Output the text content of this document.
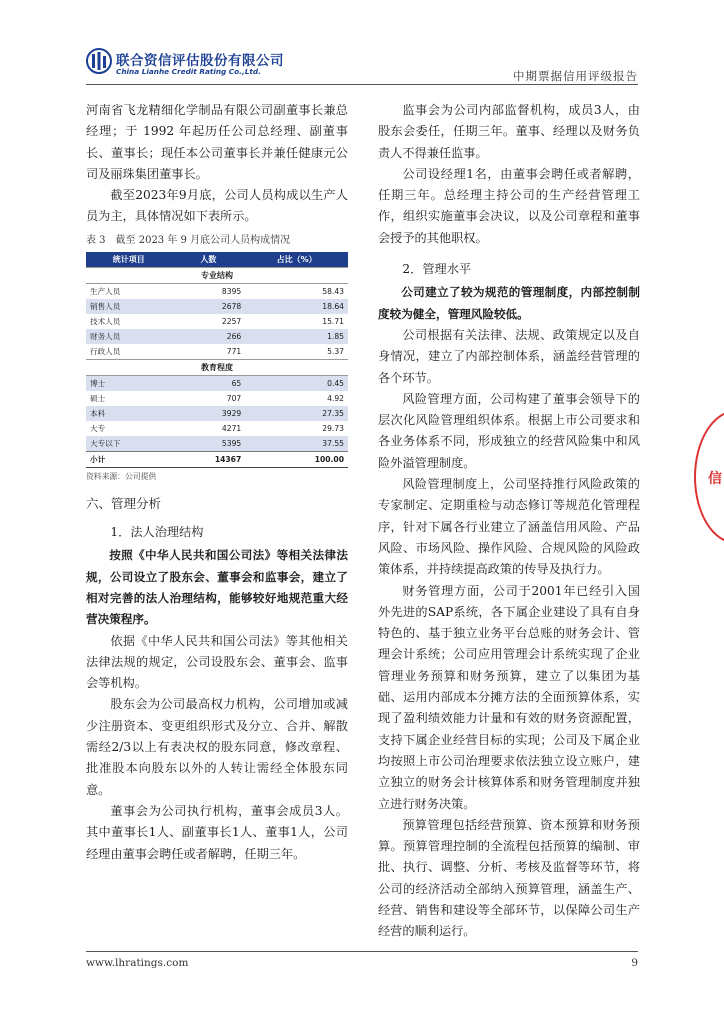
联合资信评估股份有限公司
China Lianhe Credit Rating Co.,Ltd.	中期票据信用评级报告

河南省飞龙精细化学制品有限公司副董事长兼总经理；于 1992 年起历任公司总经理、副董事长、董事长；现任本公司董事长并兼任健康元公司及丽珠集团董事长。

截至2023年9月底，公司人员构成以生产人员为主，具体情况如下表所示。

表 3　截至 2023 年 9 月底公司人员构成情况

统计项目	人数	占比（%）
专业结构		
生产人员	8395	58.43
销售人员	2678	18.64
技术人员	2257	15.71
财务人员	266	1.85
行政人员	771	5.37
教育程度		
博士	65	0.45
硕士	707	4.92
本科	3929	27.35
大专	4271	29.73
大专以下	5395	37.55
小计	14367	100.00

资料来源：公司提供

六、管理分析

1．法人治理结构

按照《中华人民共和国公司法》等相关法律法规，公司设立了股东会、董事会和监事会，建立了相对完善的法人治理结构，能够较好地规范重大经营决策程序。

依据《中华人民共和国公司法》等其他相关法律法规的规定，公司设股东会、董事会、监事会等机构。

股东会为公司最高权力机构，公司增加或减少注册资本、变更组织形式及分立、合并、解散需经2/3以上有表决权的股东同意，修改章程、批准股本向股东以外的人转让需经全体股东同意。

董事会为公司执行机构，董事会成员3人。其中董事长1人、副董事长1人、董事1人，公司经理由董事会聘任或者解聘，任期三年。

监事会为公司内部监督机构，成员3人，由股东会委任，任期三年。董事、经理以及财务负责人不得兼任监事。

公司设经理1名，由董事会聘任或者解聘，任期三年。总经理主持公司的生产经营管理工作，组织实施董事会决议，以及公司章程和董事会授予的其他职权。

2．管理水平

公司建立了较为规范的管理制度，内部控制制度较为健全，管理风险较低。

公司根据有关法律、法规、政策规定以及自身情况，建立了内部控制体系，涵盖经营管理的各个环节。

风险管理方面，公司构建了董事会领导下的层次化风险管理组织体系。根据上市公司要求和各业务体系不同，形成独立的经营风险集中和风险外溢管理制度。

风险管理制度上，公司坚持推行风险政策的专家制定、定期重检与动态修订等规范化管理程序，针对下属各行业建立了涵盖信用风险、产品风险、市场风险、操作风险、合规风险的风险政策体系，并持续提高政策的传导及执行力。

财务管理方面，公司于2001年已经引入国外先进的SAP系统，各下属企业建设了具有自身特色的、基于独立业务平台总账的财务会计、管理会计系统；公司应用管理会计系统实现了企业管理业务预算和财务预算，建立了以集团为基础、运用内部成本分摊方法的全面预算体系，实现了盈利绩效能力计量和有效的财务资源配置，支持下属企业经营目标的实现；公司及下属企业均按照上市公司治理要求依法独立设立账户，建立独立的财务会计核算体系和财务管理制度并独立进行财务决策。

预算管理包括经营预算、资本预算和财务预算。预算管理控制的全流程包括预算的编制、审批、执行、调整、分析、考核及监督等环节，将公司的经济活动全部纳入预算管理，涵盖生产、经营、销售和建设等全部环节，以保障公司生产经营的顺利运行。

信
www.lhratings.com	9
